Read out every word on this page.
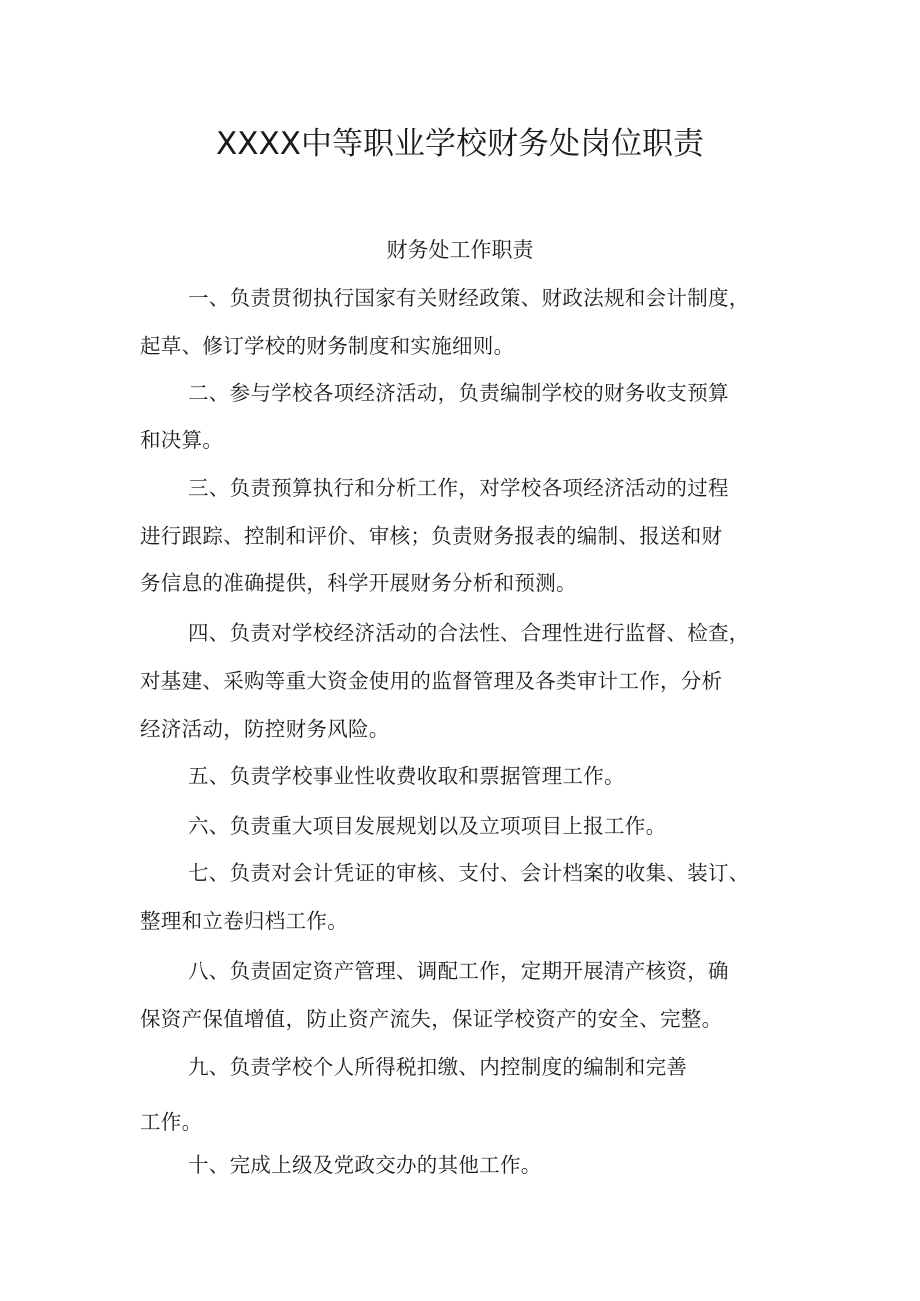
XXXX中等职业学校财务处岗位职责
财务处工作职责

一、负责贯彻执行国家有关财经政策、财政法规和会计制度，

起草、修订学校的财务制度和实施细则。

二、参与学校各项经济活动，负责编制学校的财务收支预算

和决算。

三、负责预算执行和分析工作，对学校各项经济活动的过程

进行跟踪、控制和评价、审核；负责财务报表的编制、报送和财

务信息的准确提供，科学开展财务分析和预测。

四、负责对学校经济活动的合法性、合理性进行监督、检查，

对基建、采购等重大资金使用的监督管理及各类审计工作，分析

经济活动，防控财务风险。

五、负责学校事业性收费收取和票据管理工作。

六、负责重大项目发展规划以及立项项目上报工作。

七、负责对会计凭证的审核、支付、会计档案的收集、装订、

整理和立卷归档工作。

八、负责固定资产管理、调配工作，定期开展清产核资，确

保资产保值增值，防止资产流失，保证学校资产的安全、完整。

九、负责学校个人所得税扣缴、内控制度的编制和完善

工作。

十、完成上级及党政交办的其他工作。
